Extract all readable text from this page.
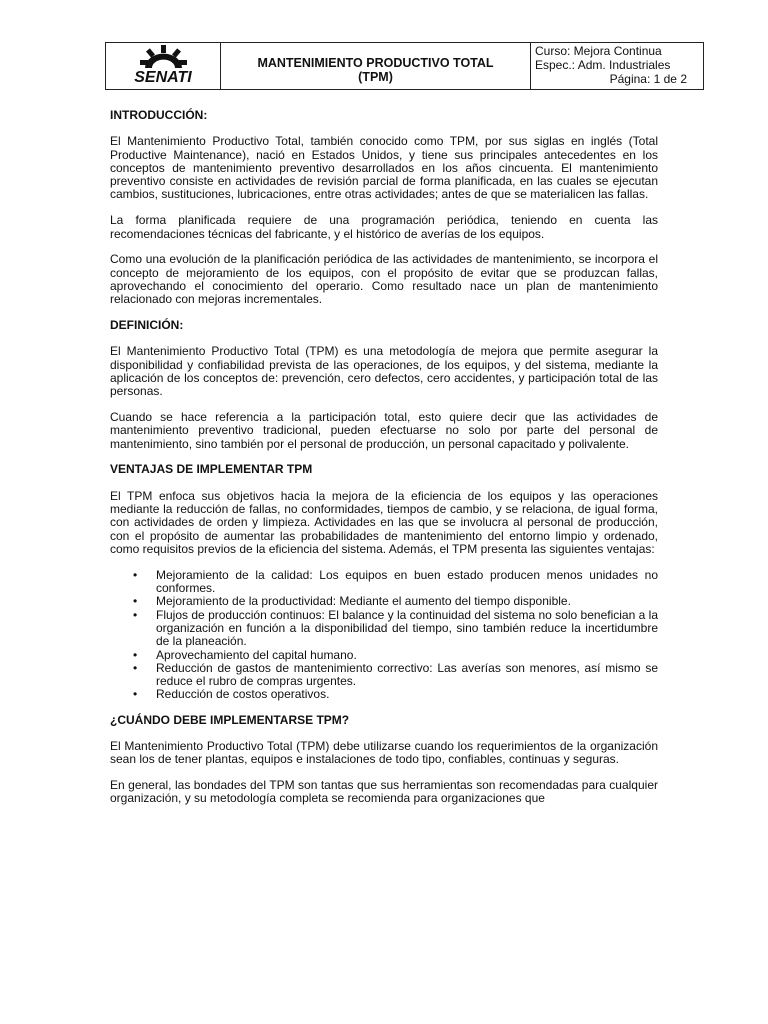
SENATI
MANTENIMIENTO PRODUCTIVO TOTAL
(TPM)
Curso: Mejora Continua
Espec.: Adm. Industriales
Página: 1 de 2
INTRODUCCIÓN:

El Mantenimiento Productivo Total, también conocido como TPM, por sus siglas en inglés (Total Productive Maintenance), nació en Estados Unidos, y tiene sus principales antecedentes en los conceptos de mantenimiento preventivo desarrollados en los años cincuenta. El mantenimiento preventivo consiste en actividades de revisión parcial de forma planificada, en las cuales se ejecutan cambios, sustituciones, lubricaciones, entre otras actividades; antes de que se materialicen las fallas.

La forma planificada requiere de una programación periódica, teniendo en cuenta las recomendaciones técnicas del fabricante, y el histórico de averías de los equipos.

Como una evolución de la planificación periódica de las actividades de mantenimiento, se incorpora el concepto de mejoramiento de los equipos, con el propósito de evitar que se produzcan fallas, aprovechando el conocimiento del operario. Como resultado nace un plan de mantenimiento relacionado con mejoras incrementales.

DEFINICIÓN:

El Mantenimiento Productivo Total (TPM) es una metodología de mejora que permite asegurar la disponibilidad y confiabilidad prevista de las operaciones, de los equipos, y del sistema, mediante la aplicación de los conceptos de: prevención, cero defectos, cero accidentes, y participación total de las personas.

Cuando se hace referencia a la participación total, esto quiere decir que las actividades de mantenimiento preventivo tradicional, pueden efectuarse no solo por parte del personal de mantenimiento, sino también por el personal de producción, un personal capacitado y polivalente.

VENTAJAS DE IMPLEMENTAR TPM

El TPM enfoca sus objetivos hacia la mejora de la eficiencia de los equipos y las operaciones mediante la reducción de fallas, no conformidades, tiempos de cambio, y se relaciona, de igual forma, con actividades de orden y limpieza. Actividades en las que se involucra al personal de producción, con el propósito de aumentar las probabilidades de mantenimiento del entorno limpio y ordenado, como requisitos previos de la eficiencia del sistema. Además, el TPM presenta las siguientes ventajas:

• Mejoramiento de la calidad: Los equipos en buen estado producen menos unidades no conformes.
• Mejoramiento de la productividad: Mediante el aumento del tiempo disponible.
• Flujos de producción continuos: El balance y la continuidad del sistema no solo benefician a la organización en función a la disponibilidad del tiempo, sino también reduce la incertidumbre de la planeación.
• Aprovechamiento del capital humano.
• Reducción de gastos de mantenimiento correctivo: Las averías son menores, así mismo se reduce el rubro de compras urgentes.
• Reducción de costos operativos.
¿CUÁNDO DEBE IMPLEMENTARSE TPM?

El Mantenimiento Productivo Total (TPM) debe utilizarse cuando los requerimientos de la organización sean los de tener plantas, equipos e instalaciones de todo tipo, confiables, continuas y seguras.

En general, las bondades del TPM son tantas que sus herramientas son recomendadas para cualquier organización, y su metodología completa se recomienda para organizaciones que
